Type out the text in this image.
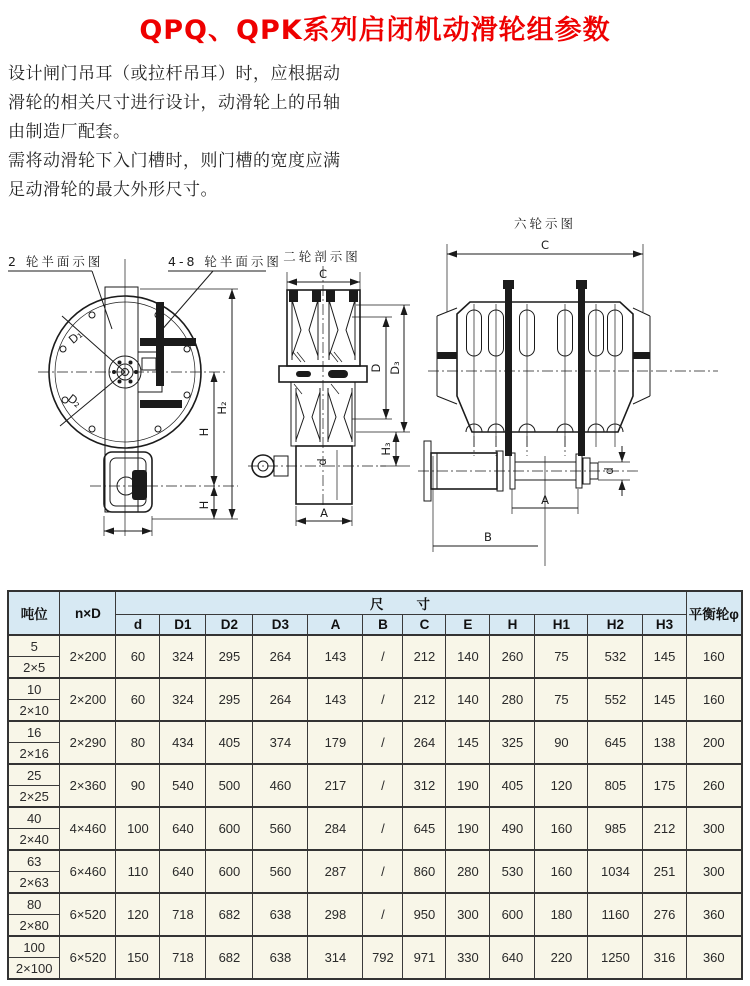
QPQ、QPK系列启闭机动滑轮组参数
设计闸门吊耳（或拉杆吊耳）时，应根据动
滑轮的相关尺寸进行设计，动滑轮上的吊轴
由制造厂配套。
需将动滑轮下入门槽时，则门槽的宽度应满
足动滑轮的最大外形尺寸。
2 轮半面示图	4-8 轮半面示图
D₁
D₂	H₂
H
H
二轮剖示图
C
d
A
D D₃
H₃
六轮示图
C
d
A
B
吨位	n×D	尺　　寸												平衡轮φ
		d	D1	D2	D3	A	B	C	E	H	H1	H2	H3	
5	2×200	60	324	295	264	143	/	212	140	260	75	532	145	160
2×5														
10	2×200	60	324	295	264	143	/	212	140	280	75	552	145	160
2×10														
16	2×290	80	434	405	374	179	/	264	145	325	90	645	138	200
2×16														
25	2×360	90	540	500	460	217	/	312	190	405	120	805	175	260
2×25														
40	4×460	100	640	600	560	284	/	645	190	490	160	985	212	300
2×40														
63	6×460	110	640	600	560	287	/	860	280	530	160	1034	251	300
2×63														
80	6×520	120	718	682	638	298	/	950	300	600	180	1160	276	360
2×80														
100	6×520	150	718	682	638	314	792	971	330	640	220	1250	316	360
2×100														
